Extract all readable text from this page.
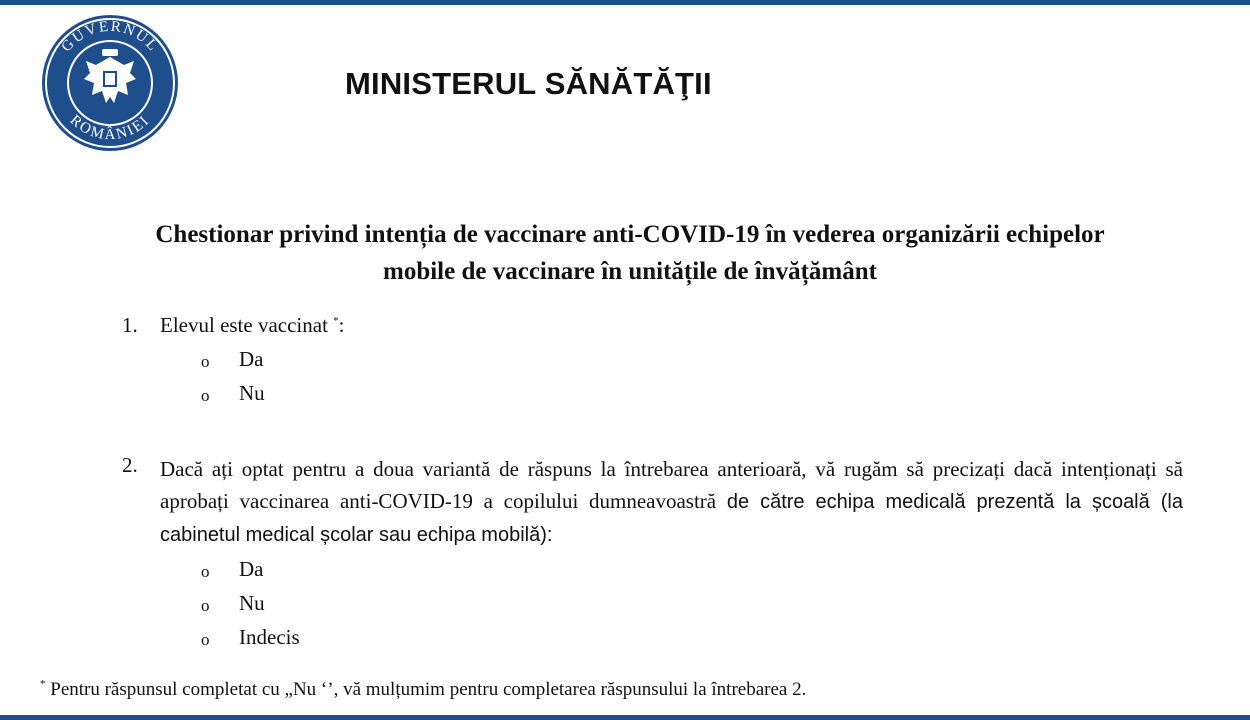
GUVERNUL
ROMÂNIEI
MINISTERUL SĂNĂTĂŢII
Chestionar privind intenția de vaccinare anti-COVID-19 în vederea organizării echipelor
mobile de vaccinare în unitățile de învățământ
1. Elevul este vaccinat *:
o Da
o Nu
2. Dacă ați optat pentru a doua variantă de răspuns la întrebarea anterioară, vă rugăm să precizați dacă intenționați să aprobați vaccinarea anti-COVID-19 a copilului dumneavoastră de către echipa medicală prezentă la școală (la cabinetul medical școlar sau echipa mobilă):
o Da
o Nu
o Indecis
* Pentru răspunsul completat cu „Nu ‘’, vă mulțumim pentru completarea răspunsului la întrebarea 2.
